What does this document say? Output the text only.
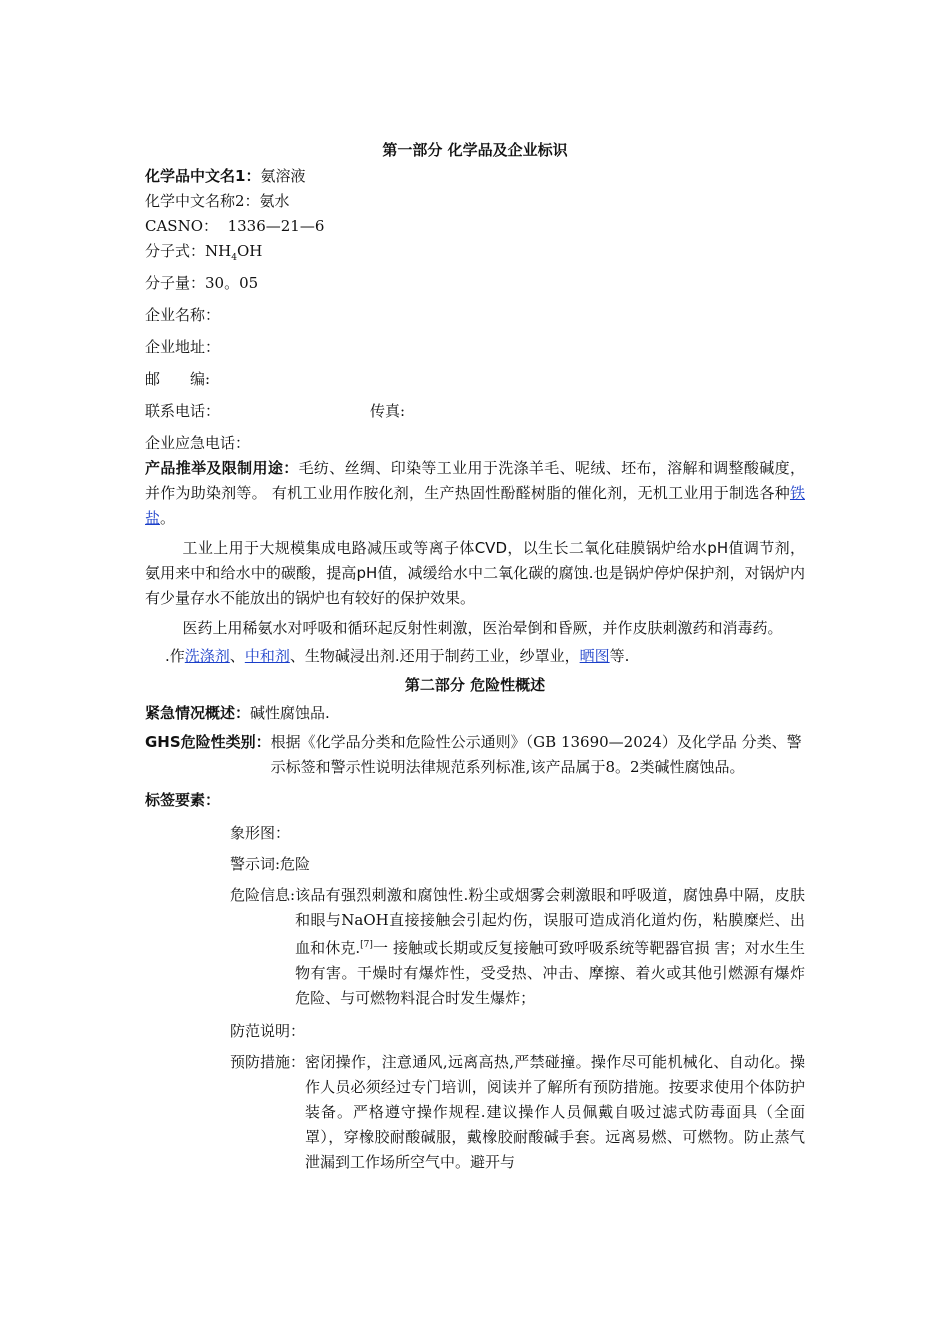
第一部分 化学品及企业标识
化学品中文名1：氨溶液
化学中文名称2：氨水
CASNO： 1336—21—6
分子式：$NH_4OH$
分子量：30。05
企业名称：
企业地址：
邮 编:
联系电话：	传真:
企业应急电话：
产品推举及限制用途：毛纺、丝绸、印染等工业用于洗涤羊毛、呢绒、坯布，溶解和调整酸碱度，并作为助染剂等。 有机工业用作胺化剂，生产热固性酚醛树脂的催化剂，无机工业用于制选各种铁盐。
工业上用于大规模集成电路减压或等离子体CVD，以生长二氧化硅膜锅炉给水pH值调节剂，氨用来中和给水中的碳酸，提高pH值，减缓给水中二氧化碳的腐蚀.也是锅炉停炉保护剂，对锅炉内有少量存水不能放出的锅炉也有较好的保护效果。
医药上用稀氨水对呼吸和循环起反射性刺激，医治晕倒和昏厥，并作皮肤刺激药和消毒药。
.作洗涤剂、中和剂、生物碱浸出剂.还用于制药工业，纱罩业，晒图等.
第二部分 危险性概述
紧急情况概述：碱性腐蚀品.
GHS危险性类别： 根据《化学品分类和危险性公示通则》（GB 13690—2024）及化学品 分类、警示标签和警示性说明法律规范系列标准,该产品属于8。2类碱性腐蚀品。
标签要素：
象形图：
警示词:危险
危险信息: 该品有强烈刺激和腐蚀性.粉尘或烟雾会刺激眼和呼吸道，腐蚀鼻中隔，皮肤和眼与NaOH直接接触会引起灼伤，误服可造成消化道灼伤，粘膜糜烂、出血和休克.[7]一 接触或长期或反复接触可致呼吸系统等靶器官损 害；对水生生物有害。干燥时有爆炸性，受受热、冲击、摩擦、着火或其他引燃源有爆炸危险、与可燃物料混合时发生爆炸；
防范说明：
预防措施： 密闭操作，注意通风,远离高热,严禁碰撞。操作尽可能机械化、自动化。操作人员必须经过专门培训，阅读并了解所有预防措施。按要求使用个体防护装备。严格遵守操作规程.建议操作人员佩戴自吸过滤式防毒面具（全面罩），穿橡胶耐酸碱服，戴橡胶耐酸碱手套。远离易燃、可燃物。防止蒸气泄漏到工作场所空气中。避开与
